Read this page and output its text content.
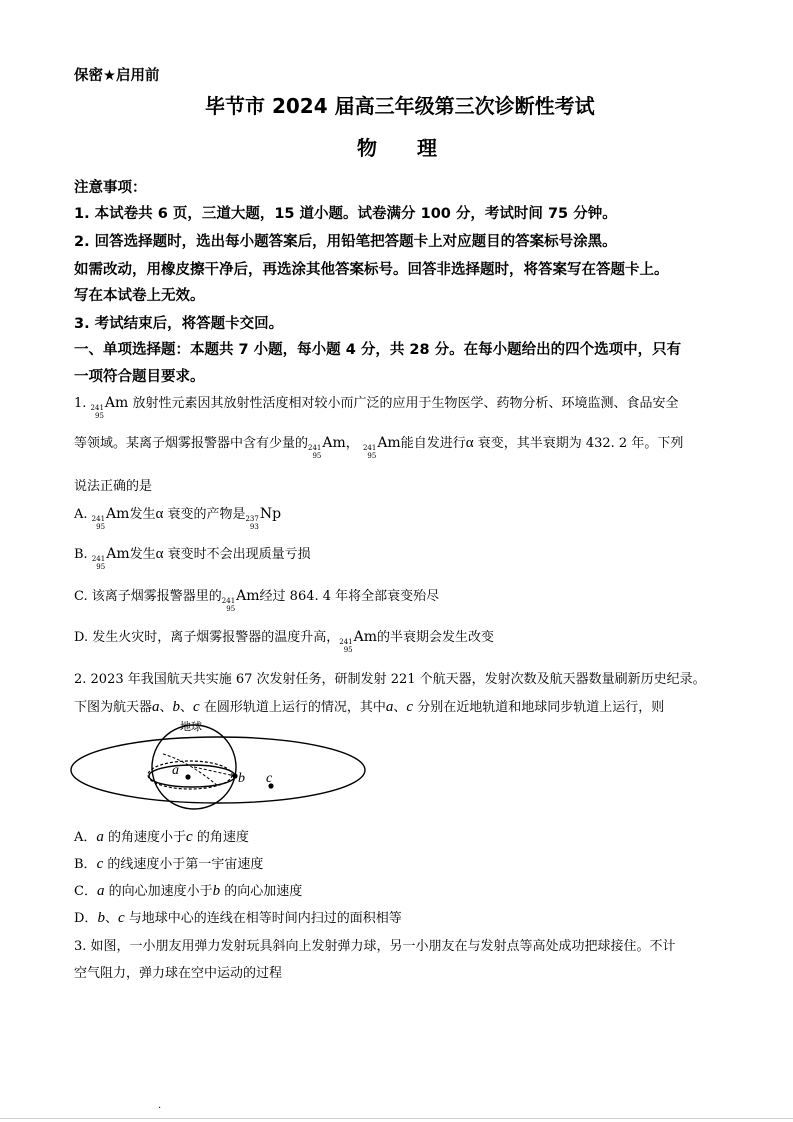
保密★启用前
毕节市 2024 届高三年级第三次诊断性考试
物　　理
注意事项：
1. 本试卷共 6 页，三道大题，15 道小题。试卷满分 100 分，考试时间 75 分钟。
2. 回答选择题时，选出每小题答案后，用铅笔把答题卡上对应题目的答案标号涂黑。
如需改动，用橡皮擦干净后，再选涂其他答案标号。回答非选择题时，将答案写在答题卡上。
写在本试卷上无效。
3. 考试结束后，将答题卡交回。
一、单项选择题：本题共 7 小题，每小题 4 分，共 28 分。在每小题给出的四个选项中，只有
一项符合题目要求。
1. 241
95
Am 放射性元素因其放射性活度相对较小而广泛的应用于生物医学、药物分析、环境监测、食品安全
等领域。某离子烟雾报警器中含有少量的 241
95
Am， 241
95
Am能自发进行α 衰变，其半衰期为 432. 2 年。下列
说法正确的是
A. 241
95
Am发生α 衰变的产物是 237
93
Np
B. 241
95
Am发生α 衰变时不会出现质量亏损
C. 该离子烟雾报警器里的 241
95
Am经过 864. 4 年将全部衰变殆尽
D. 发生火灾时，离子烟雾报警器的温度升高， 241
95
Am的半衰期会发生改变
2. 2023 年我国航天共实施 67 次发射任务，研制发射 221 个航天器，发射次数及航天器数量刷新历史纪录。
下图为航天器a、b、c 在圆形轨道上运行的情况，其中a、c 分别在近地轨道和地球同步轨道上运行，则
地球
a
b c
A．a 的角速度小于c 的角速度
B．c 的线速度小于第一宇宙速度
C．a 的向心加速度小于b 的向心加速度
D．b、c 与地球中心的连线在相等时间内扫过的面积相等
3. 如图，一小朋友用弹力发射玩具斜向上发射弹力球，另一小朋友在与发射点等高处成功把球接住。不计
空气阻力，弹力球在空中运动的过程
.
